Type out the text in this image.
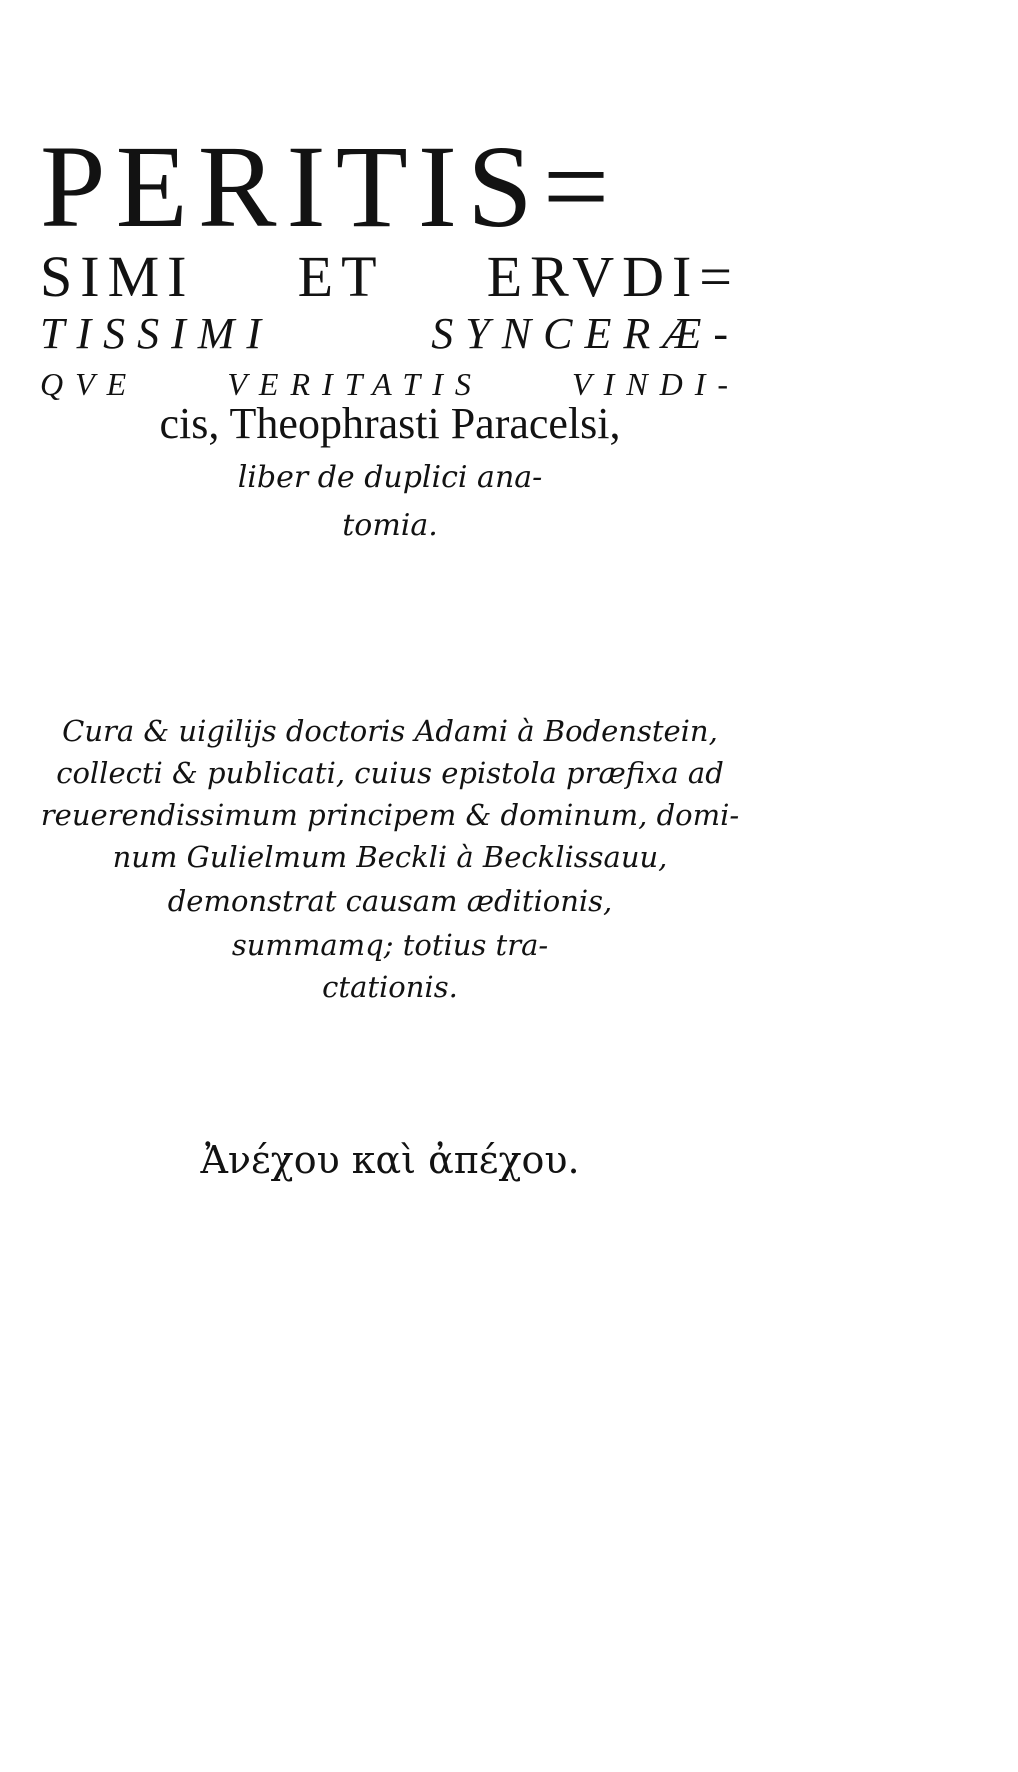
PERITIS=

SIMI ET ERVDI=

TISSIMI SYNCERÆ-

QVE VERITATIS VINDI-

cis, Theophrasti Paracelsi,

liber de duplici ana-

tomia.

Cura & uigilijs doctoris Adami à Bodenstein,

collecti & publicati, cuius epistola præfixa ad

reuerendissimum principem & dominum, domi-

num Gulielmum Beckli à Becklissauu,

demonstrat causam æditionis,

summamq; totius tra-

ctationis.

Ἀνέχου καὶ ἀπέχου.
